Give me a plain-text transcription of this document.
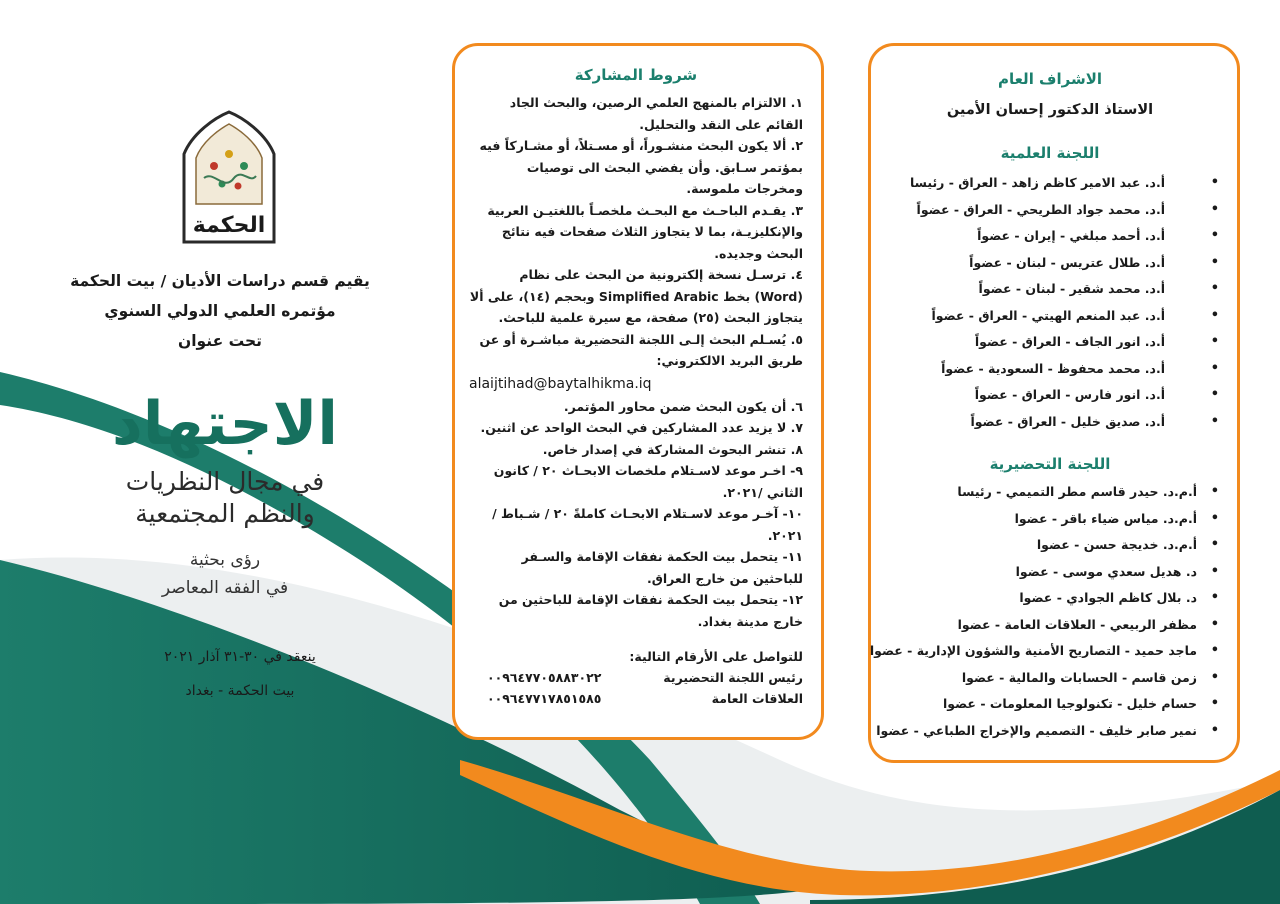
الحكمة
الاشراف العام
الاستاذ الدكتور إحسان الأمين
اللجنة العلمية
• أ.د. عبد الامير كاظم زاهد - العراق - رئيسا
• أ.د. محمد جواد الطريحي - العراق - عضواً
• أ.د. أحمد مبلغي - إيران - عضواً
• أ.د. طلال عتريس - لبنان - عضواً
• أ.د. محمد شقير - لبنان - عضواً
• أ.د. عبد المنعم الهيتي - العراق - عضواً
• أ.د. انور الجاف - العراق - عضواً
• أ.د. محمد محفوظ - السعودية - عضواً
• أ.د. انور فارس - العراق - عضواً
• أ.د. صديق خليل - العراق - عضواً
اللجنة التحضيرية
• أ.م.د. حيدر قاسم مطر التميمي - رئيسا
• أ.م.د. مياس ضياء باقر - عضوا
• أ.م.د. خديجة حسن - عضوا
• د. هديل سعدي موسى - عضوا
• د. بلال كاظم الجوادي - عضوا
• مظفر الربيعي - العلاقات العامة - عضوا
• ماجد حميد - التصاريح الأمنية والشؤون الإدارية - عضوا
• زمن قاسم - الحسابات والمالية - عضوا
• حسام خليل - تكنولوجيا المعلومات - عضوا
• نمير صابر خليف - التصميم والإخراج الطباعي - عضوا
شروط المشاركة
١. الالتزام بالمنهج العلمي الرصين، والبحث الجاد القائم على النقد والتحليل.
٢. ألا يكون البحث منشـوراً، أو مسـتلاً، أو مشـاركاً فيه بمؤتمر سـابق. وأن يفضي البحث الى توصيات ومخرجات ملموسة.
٣. يقـدم الباحـث مع البحـث ملخصـاً باللغتيـن العربية والإنكليزيـة، بما لا يتجاوز الثلاث صفحات فيه نتائج البحث وجديده.
٤. ترسـل نسخة إلكترونية من البحث على نظام (Word) بخط Simplified Arabic وبحجم (١٤)، على ألا يتجاوز البحث (٢٥) صفحة، مع سيرة علمية للباحث.
٥. يُسـلم البحث إلـى اللجنة التحضيرية مباشـرة أو عن طريق البريد الالكتروني:
alaijtihad@baytalhikma.iq
٦. أن يكون البحث ضمن محاور المؤتمر.
٧. لا يزيد عدد المشاركين في البحث الواحد عن اثنين.
٨. تنشر البحوث المشاركة في إصدار خاص.
٩- اخـر موعد لاسـتلام ملخصات الابحـاث ٢٠ / كانون الثاني /٢٠٢١.
١٠- آخـر موعد لاسـتلام الابحـاث كاملةً ٢٠ / شـباط / ٢٠٢١.
١١- يتحمل بيت الحكمة نفقات الإقامة والسـفر للباحثين من خارج العراق.
١٢- يتحمل بيت الحكمة نفقات الإقامة للباحثين من خارج مدينة بغداد.
للتواصل على الأرقام التالية:
رئيس اللجنة التحضيرية
٠٠٩٦٤٧٧٠٥٨٨٣٠٢٢
العلاقات العامة
٠٠٩٦٤٧٧١٧٨٥١٥٨٥
يقيم قسم دراسات الأديان / بيت الحكمة
مؤتمره العلمي الدولي السنوي
تحت عنوان
الاجتهاد
في مجال النظريات
والنظم المجتمعية
رؤى بحثية
في الفقه المعاصر
ينعقد في ٣٠-٣١ آذار ٢٠٢١
بيت الحكمة - بغداد
